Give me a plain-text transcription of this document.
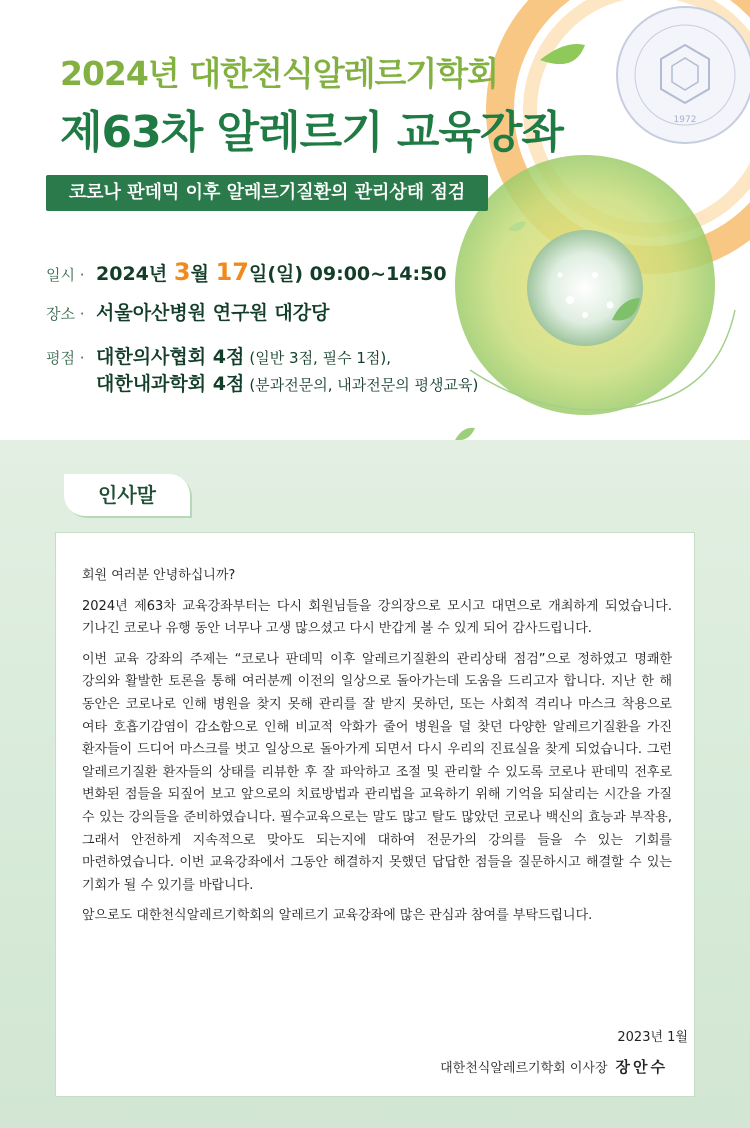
1972
2024년 대한천식알레르기학회
제63차 알레르기 교육강좌
코로나 판데믹 이후 알레르기질환의 관리상태 점검
일시 · 2024년 3월 17일(일) 09:00~14:50
장소 · 서울아산병원 연구원 대강당
평점 · 대한의사협회 4점 (일반 3점, 필수 1점),
대한내과학회 4점 (분과전문의, 내과전문의 평생교육)
인사말

회원 여러분 안녕하십니까?

2024년 제63차 교육강좌부터는 다시 회원님들을 강의장으로 모시고 대면으로 개최하게 되었습니다. 기나긴 코로나 유행 동안 너무나 고생 많으셨고 다시 반갑게 볼 수 있게 되어 감사드립니다.

이번 교육 강좌의 주제는 “코로나 판데믹 이후 알레르기질환의 관리상태 점검”으로 정하였고 명쾌한 강의와 활발한 토론을 통해 여러분께 이전의 일상으로 돌아가는데 도움을 드리고자 합니다. 지난 한 해 동안은 코로나로 인해 병원을 찾지 못해 관리를 잘 받지 못하던, 또는 사회적 격리나 마스크 착용으로 여타 호흡기감염이 감소함으로 인해 비교적 악화가 줄어 병원을 덜 찾던 다양한 알레르기질환을 가진 환자들이 드디어 마스크를 벗고 일상으로 돌아가게 되면서 다시 우리의 진료실을 찾게 되었습니다. 그런 알레르기질환 환자들의 상태를 리뷰한 후 잘 파악하고 조절 및 관리할 수 있도록 코로나 판데믹 전후로 변화된 점들을 되짚어 보고 앞으로의 치료방법과 관리법을 교육하기 위해 기억을 되살리는 시간을 가질 수 있는 강의들을 준비하였습니다. 필수교육으로는 말도 많고 탈도 많았던 코로나 백신의 효능과 부작용, 그래서 안전하게 지속적으로 맞아도 되는지에 대하여 전문가의 강의를 들을 수 있는 기회를 마련하였습니다. 이번 교육강좌에서 그동안 해결하지 못했던 답답한 점들을 질문하시고 해결할 수 있는 기회가 될 수 있기를 바랍니다.

앞으로도 대한천식알레르기학회의 알레르기 교육강좌에 많은 관심과 참여를 부탁드립니다.

2023년 1월
대한천식알레르기학회 이사장 장안수
